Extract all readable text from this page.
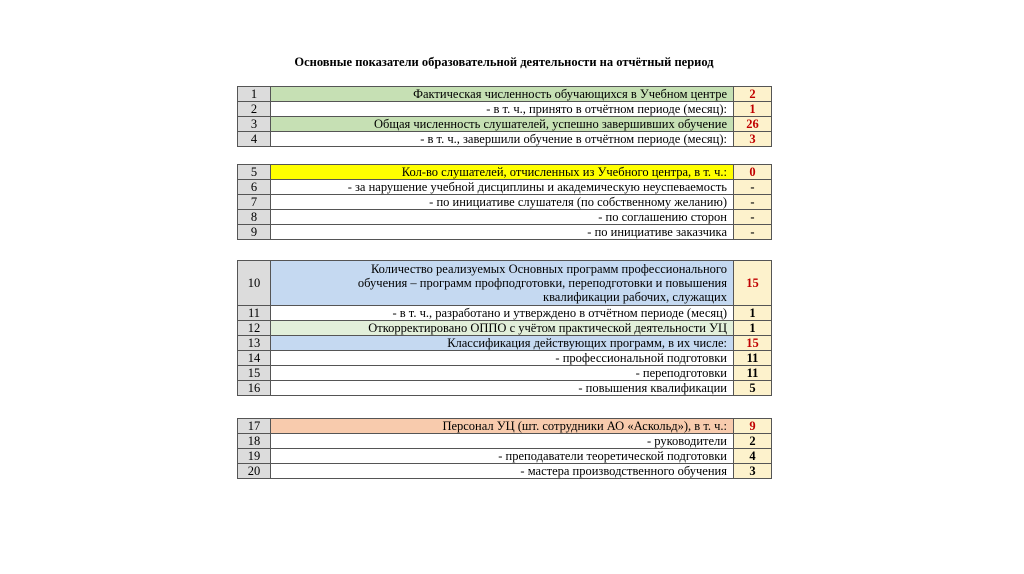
Основные показатели образовательной деятельности на отчётный период
1	Фактическая численность обучающихся в Учебном центре	2
2	- в т. ч., принято в отчётном периоде (месяц):	1
3	Общая численность слушателей, успешно завершивших обучение	26
4	- в т. ч., завершили обучение в отчётном периоде (месяц):	3
5	Кол-во слушателей, отчисленных из Учебного центра, в т. ч.:	0
6	- за нарушение учебной дисциплины и академическую неуспеваемость	-
7	- по инициативе слушателя (по собственному желанию)	-
8	- по соглашению сторон	-
9	- по инициативе заказчика	-
10	Количество реализуемых Основных программ профессионального
обучения – программ профподготовки, переподготовки и повышения
квалификации рабочих, служащих	15
11	- в т. ч., разработано и утверждено в отчётном периоде (месяц)	1
12	Откорректировано ОППО с учётом практической деятельности УЦ	1
13	Классификация действующих программ, в их числе:	15
14	- профессиональной подготовки	11
15	- переподготовки	11
16	- повышения квалификации	5
17	Персонал УЦ (шт. сотрудники АО «Аскольд»), в т. ч.:	9
18	- руководители	2
19	- преподаватели теоретической подготовки	4
20	- мастера производственного обучения	3
